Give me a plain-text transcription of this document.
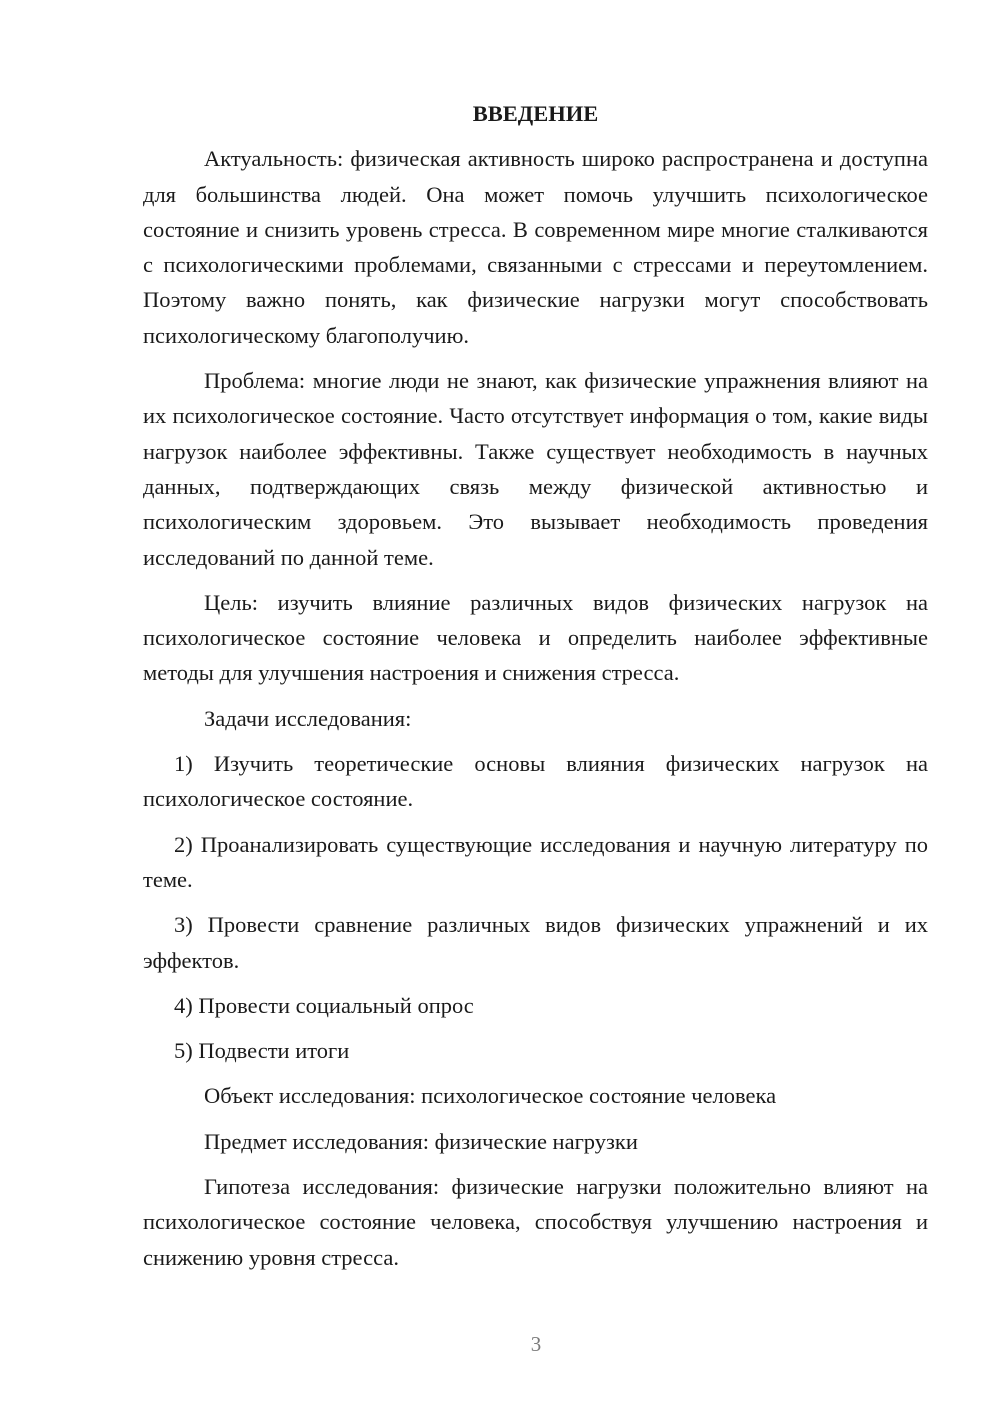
ВВЕДЕНИЕ

Актуальность: физическая активность широко распространена и доступна для большинства людей. Она может помочь улучшить психологическое состояние и снизить уровень стресса. В современном мире многие сталкиваются с психологическими проблемами, связанными с стрессами и переутомлением. Поэтому важно понять, как физические нагрузки могут способствовать психологическому благополучию.

Проблема: многие люди не знают, как физические упражнения влияют на их психологическое состояние. Часто отсутствует информация о том, какие виды нагрузок наиболее эффективны. Также существует необходимость в научных данных, подтверждающих связь между физической активностью и психологическим здоровьем. Это вызывает необходимость проведения исследований по данной теме.

Цель: изучить влияние различных видов физических нагрузок на психологическое состояние человека и определить наиболее эффективные методы для улучшения настроения и снижения стресса.

Задачи исследования:

1) Изучить теоретические основы влияния физических нагрузок на психологическое состояние.

2) Проанализировать существующие исследования и научную литературу по теме.

3) Провести сравнение различных видов физических упражнений и их эффектов.

4) Провести социальный опрос

5) Подвести итоги

Объект исследования: психологическое состояние человека

Предмет исследования: физические нагрузки

Гипотеза исследования: физические нагрузки положительно влияют на психологическое состояние человека, способствуя улучшению настроения и снижению уровня стресса.

3
